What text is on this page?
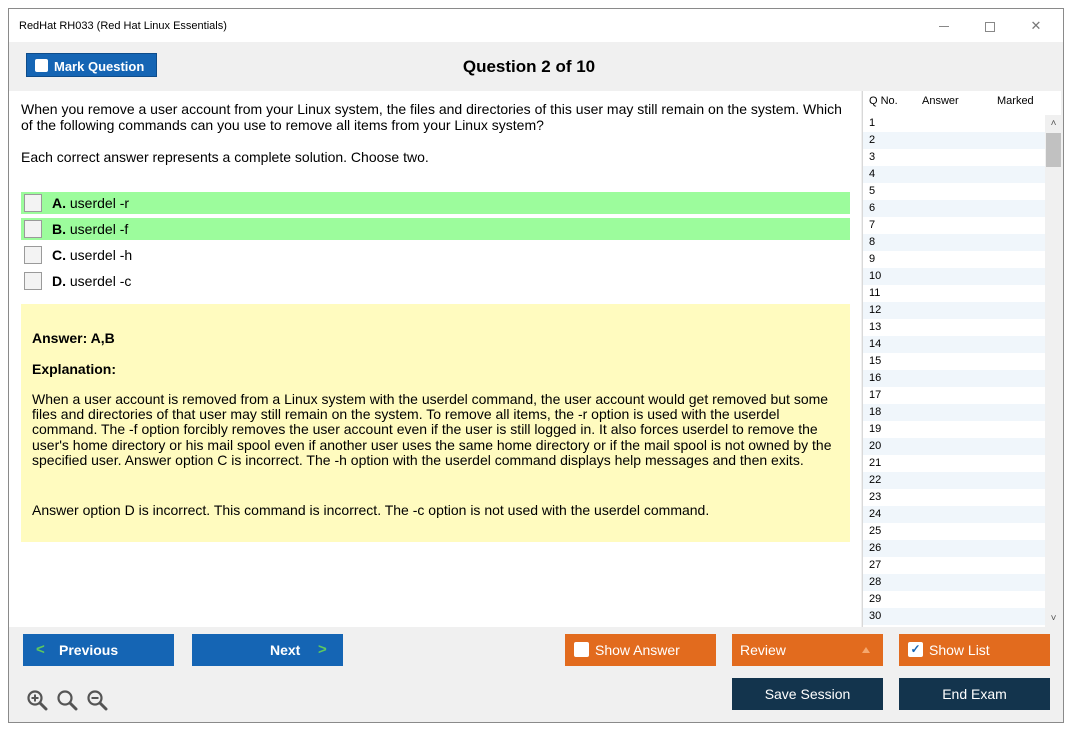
RedHat RH033 (Red Hat Linux Essentials)	✕
Mark Question	Question 2 of 10
When you remove a user account from your Linux system, the files and directories of this user may still remain on the system. Which of the following commands can you use to remove all items from your Linux system?
Each correct answer represents a complete solution. Choose two.
A. userdel -r
B. userdel -f
C. userdel -h
D. userdel -c
Answer: A,B
Explanation:
When a user account is removed from a Linux system with the userdel command, the user account would get removed but some files and directories of that user may still remain on the system. To remove all items, the -r option is used with the userdel command. The -f option forcibly removes the user account even if the user is still logged in. It also forces userdel to remove the user's home directory or his mail spool even if another user uses the same home directory or if the mail spool is not owned by the specified user. Answer option C is incorrect. The -h option with the userdel command displays help messages and then exits.
Answer option D is incorrect. This command is incorrect. The -c option is not used with the userdel command.
Q No. Answer	Marked
1
2
3
4
5
6
7
8
9
10
11
12
13
14
15
16
17
18
19
20
21
22
23
24
25
26
27
28
29
30
˄
˅
< Previous	Next >	Show Answer	Review	✓ Show List
Save Session	End Exam
